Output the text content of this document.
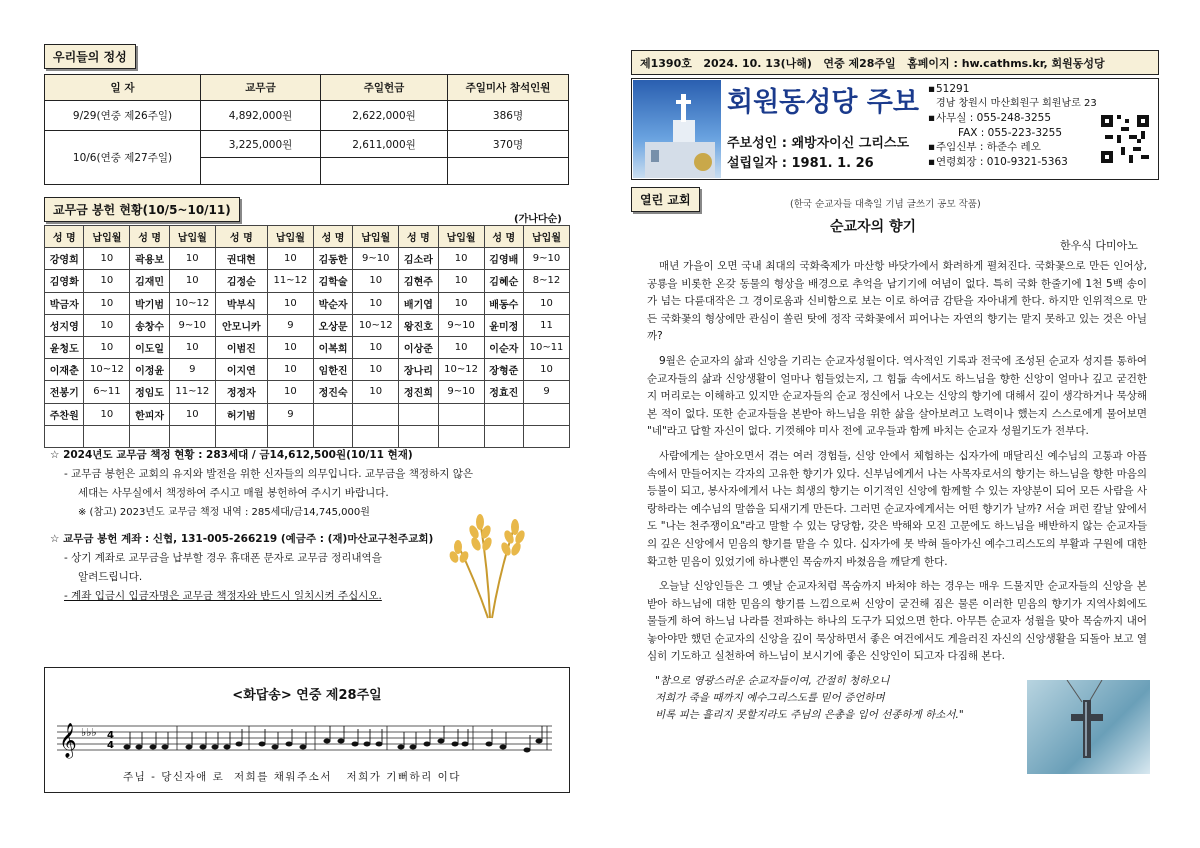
우리들의 정성
일 자	교무금	주일헌금	주일미사 참석인원
9/29(연중 제26주일)	4,892,000원	2,622,000원	386명
10/6(연중 제27주일)	3,225,000원	2,611,000원	370명

교무금 봉헌 현황(10/5~10/11)
(가나다순)
성 명	납입월	성 명	납입월	성 명	납입월	성 명	납입월	성 명	납입월	성 명	납입월
강영희	10	곽용보	10	권대현	10	김동한	9~10	김소라	10	김영배	9~10
김영화	10	김재민	10	김정순	11~12	김학술	10	김현주	10	김혜순	8~12
박금자	10	박기범	10~12	박부식	10	박순자	10	배기엽	10	배동수	10
성지영	10	송창수	9~10	안모니카	9	오상문	10~12	왕진호	9~10	윤미정	11
윤청도	10	이도일	10	이범진	10	이복희	10	이상준	10	이순자	10~11
이재춘	10~12	이정윤	9	이지연	10	임한진	10	장나리	10~12	장형준	10
전봉기	6~11	정임도	11~12	정정자	10	정진숙	10	정진희	9~10	정효진	9
주찬원	10	한피자	10	허기범	9						

☆ 2024년도 교무금 책정 현황 : 283세대 / 금14,612,500원(10/11 현재)
- 교무금 봉헌은 교회의 유지와 발전을 위한 신자들의 의무입니다. 교무금을 책정하지 않은
세대는 사무실에서 책정하여 주시고 매월 봉헌하여 주시기 바랍니다.
※ (참고) 2023년도 교무금 책정 내역 : 285세대/금14,745,000원
☆ 교무금 봉헌 계좌 : 신협, 131-005-266219 (예금주 : (재)마산교구천주교회)
- 상기 계좌로 교무금을 납부할 경우 휴대폰 문자로 교무금 정리내역을
알려드립니다.
- 계좌 입금시 입금자명은 교무금 책정자와 반드시 일치시켜 주십시오.
<화답송> 연중 제28주일
𝄞 ♭♭♭ 4
4
주님 - 당신자애 로  저희를 채워주소서   저희가 기뻐하리 이다
제1390호   2024. 10. 13(나해)   연중 제28주일   홈페이지 : hw.cathms.kr, 회원동성당
회원동성당 주보
주보성인 : 왜방자이신 그리스도
설립일자 : 1981. 1. 26
▪51291
경남 창원시 마산회원구 회원남로 23
▪사무실 : 055-248-3255
FAX : 055-223-3255
▪주임신부 : 하준수 레오
▪연령회장 : 010-9321-5363
열린 교회	(한국 순교자들 대축일 기념 글쓰기 공모 작품)
순교자의 향기
한우식 다미아노

매년 가을이 오면 국내 최대의 국화축제가 마산항 바닷가에서 화려하게 펼쳐진다. 국화꽃으로 만든 인어상, 공룡을 비롯한 온갖 동물의 형상을 배경으로 추억을 남기기에 여념이 없다. 특히 국화 한줄기에 1천 5백 송이가 넘는 다륜대작은 그 경이로움과 신비함으로 보는 이로 하여금 감탄을 자아내게 한다. 하지만 인위적으로 만든 국화꽃의 형상에만 관심이 쏠린 탓에 정작 국화꽃에서 피어나는 자연의 향기는 맡지 못하고 있는 것은 아닐까?

9월은 순교자의 삶과 신앙을 기리는 순교자성월이다. 역사적인 기록과 전국에 조성된 순교자 성지를 통하여 순교자들의 삶과 신앙생활이 얼마나 힘들었는지, 그 힘듦 속에서도 하느님을 향한 신앙이 얼마나 깊고 굳건한지 머리로는 이해하고 있지만 순교자들의 순교 정신에서 나오는 신앙의 향기에 대해서 깊이 생각하거나 묵상해 본 적이 없다. 또한 순교자들을 본받아 하느님을 위한 삶을 살아보려고 노력이나 했는지 스스로에게 물어보면 "네"라고 답할 자신이 없다. 기껏해야 미사 전에 교우들과 함께 바치는 순교자 성월기도가 전부다.

사람에게는 살아오면서 겪는 여러 경험들, 신앙 안에서 체험하는 십자가에 매달리신 예수님의 고통과 아픔 속에서 만들어지는 각자의 고유한 향기가 있다. 신부님에게서 나는 사목자로서의 향기는 하느님을 향한 마음의 등불이 되고, 봉사자에게서 나는 희생의 향기는 이기적인 신앙에 함께할 수 있는 자양분이 되어 모든 사람을 사랑하라는 예수님의 말씀을 되새기게 만든다. 그러면 순교자에게서는 어떤 향기가 날까? 서슬 퍼런 칼날 앞에서도 "나는 천주쟁이요"라고 말할 수 있는 당당함, 갖은 박해와 모진 고문에도 하느님을 배반하지 않는 순교자들의 깊은 신앙에서 믿음의 향기를 맡을 수 있다. 십자가에 못 박혀 돌아가신 예수그리스도의 부활과 구원에 대한 확고한 믿음이 있었기에 하나뿐인 목숨까지 바쳤음을 깨닫게 한다.

오늘날 신앙인들은 그 옛날 순교자처럼 목숨까지 바쳐야 하는 경우는 매우 드물지만 순교자들의 신앙을 본받아 하느님에 대한 믿음의 향기를 느낌으로써 신앙이 굳건해 짐은 물론 이러한 믿음의 향기가 지역사회에도 물들게 하여 하느님 나라를 전파하는 하나의 도구가 되었으면 한다. 아무튼 순교자 성월을 맞아 목숨까지 내어놓아야만 했던 순교자의 신앙을 깊이 묵상하면서 좋은 여건에서도 게을러진 자신의 신앙생활을 되돌아 보고 열심히 기도하고 실천하여 하느님이 보시기에 좋은 신앙인이 되고자 다짐해 본다.

"참으로 영광스러운 순교자들이여, 간절히 청하오니
저희가 죽을 때까지 예수그리스도를 믿어 증언하며
비록 피는 흘리지 못할지라도 주님의 은총을 입어 선종하게 하소서."
